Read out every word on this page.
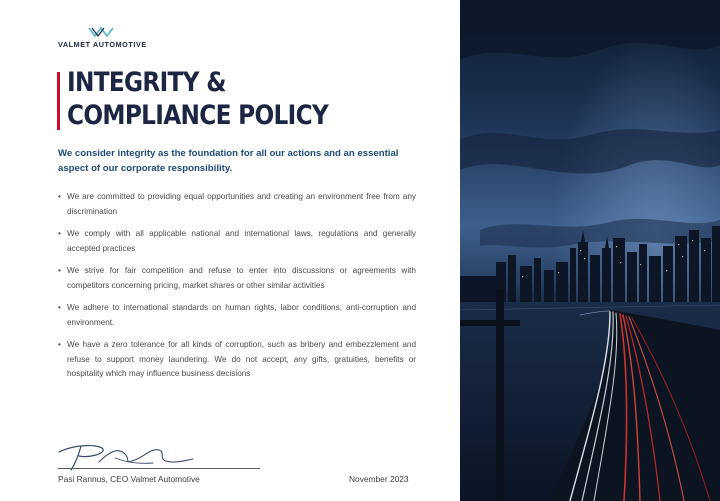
VALMET AUTOMOTIVE
INTEGRITY &
COMPLIANCE POLICY

We consider integrity as the foundation for all our actions and an essential aspect of our corporate responsibility.

• We are committed to providing equal opportunities and creating an environment free from any discrimination
• We comply with all applicable national and international laws, regulations and generally accepted practices
• We strive for fair competition and refuse to enter into discussions or agreements with competitors concerning pricing, market shares or other similar activities
• We adhere to international standards on human rights, labor conditions, anti-corruption and environment.
• We have a zero tolerance for all kinds of corruption, such as bribery and embezzlement and refuse to support money laundering. We do not accept, any gifts, gratuities, benefits or hospitality which may influence business decisions
Pasi Rannus, CEO Valmet Automotive	November 2023
